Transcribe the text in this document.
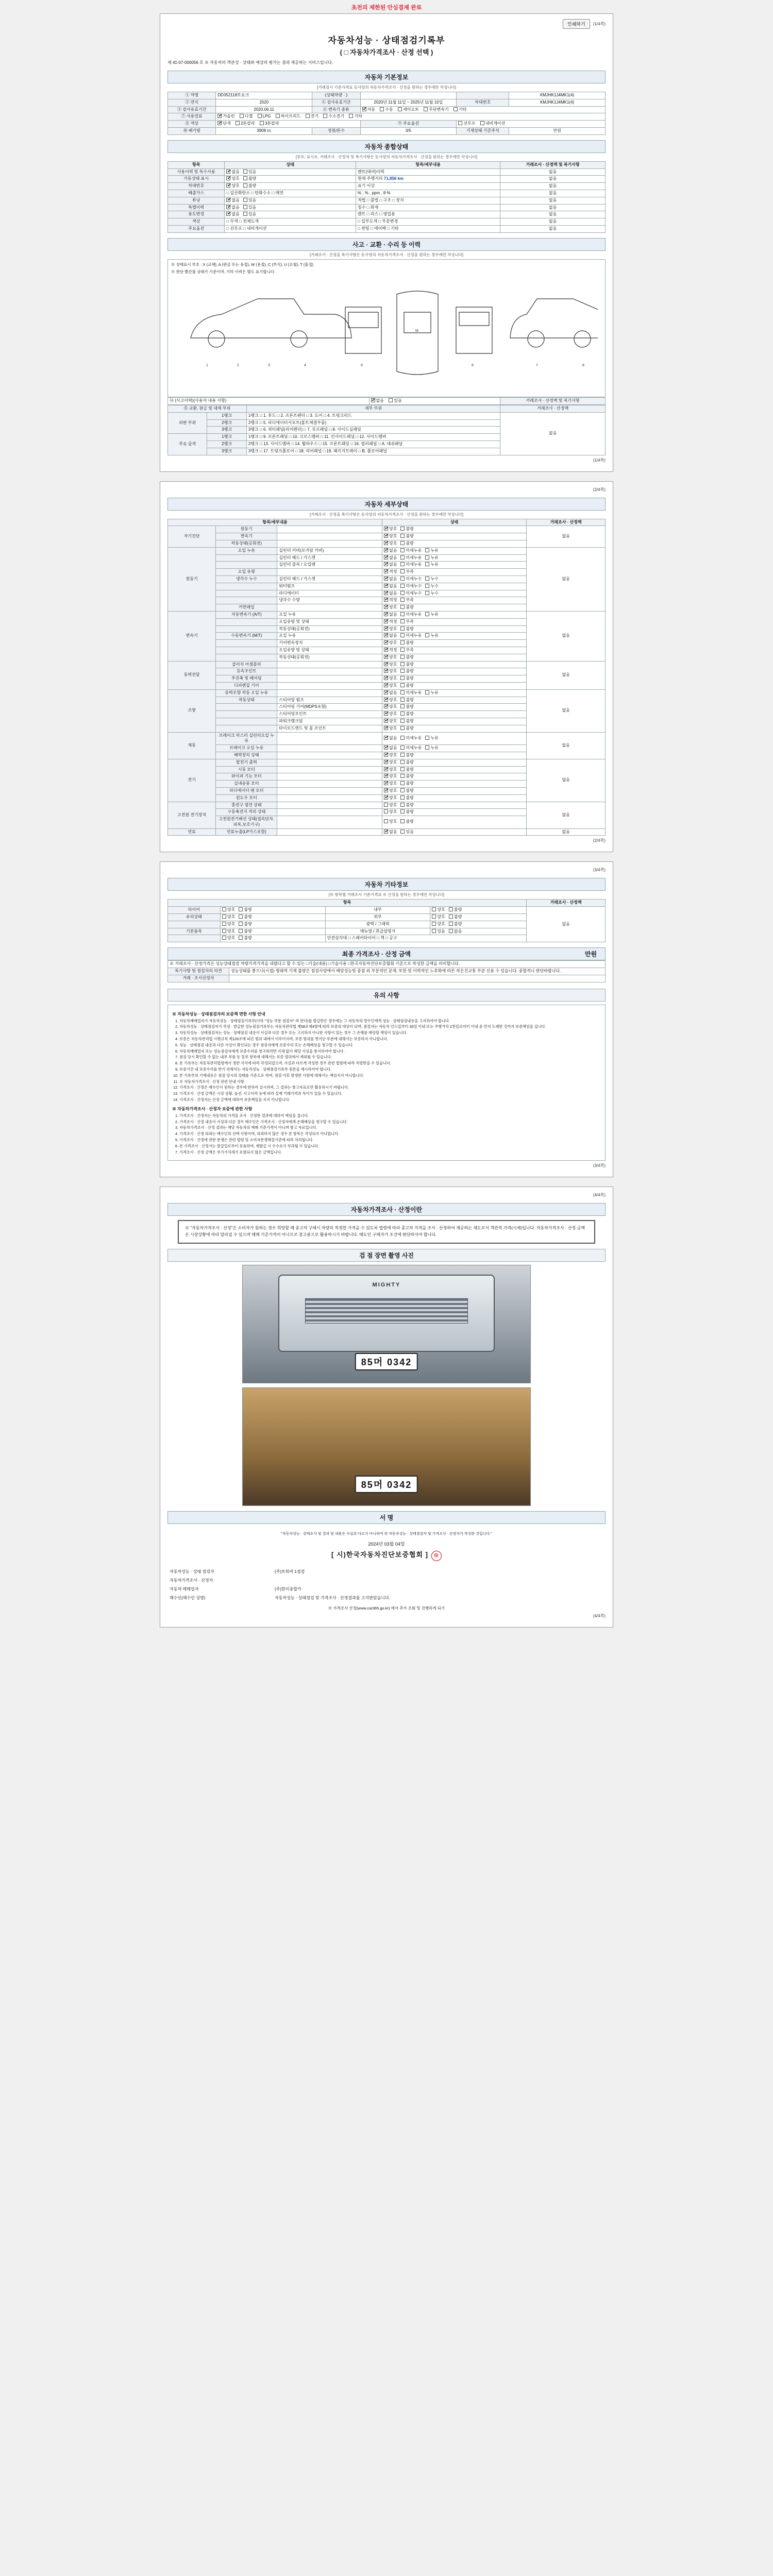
초전의 제한된 안심결제 완료
인쇄하기	(1/4쪽)
자동차성능 · 상태점검기록부
( □ 자동차가격조사 · 산정 선택 )
제 41-07-000056 호 ※ 자동차의 객관성 · 상태와 예상의 평가는 결과 제공하는 서비스입니다.
자동차 기본정보
[거래검사 기준가격표 등사양의 자동차가격조사 · 산정을 원하는 경우에만 작성니다]
① 차명	DD352118토요크	(상태차량 · )			KMJHK1J4MK1(4)
② 연식	2020	④ 검사유효기간	2020년 11월 11일 ~ 2025년 11월 10일	차대번호	KMJHK1J4MK1(4)
③ 검사유효기간	2020.06.11	⑥ 변속기 종류	✔자동 수동 세미오토 무단변속기 기타
⑦ 사용연료	✔가솔린 디젤 LPG 하이브리드 전기 수소전기 기타
⑧ 색상	✔단색 2톤칼라 3톤칼라		⑨ 주요옵션	선루프 내비게이션	
⑩ 배기량	3908 cc	정원/톤수	3/5	기재상태 기준주석	만원
자동차 종합상태
[부호, 표시로, 거래조사 · 산정적 및 복기사항은 동사양의 자동차가격조사 · 산정을 원하는 경우에만 작성니다]
항목	상태	항목/세부내용	거래조사 · 산정액 및 복기사항
사용이력 및 특수사용	✔없음 있음	렌트(대여)이력	없음
가동상태 표시	✔양호 불량	현재 주행거리 71,856 km	없음
차대번호	✔양호 불량	표기 이상	없음
배출가스	□ 일산화탄소 □ 탄화수소 □ 매연	% , % , ppm , 8 %	없음
튜닝	✔없음 있음	적법 □ 불법 □ 구조 □ 장치	없음
특별이력	✔없음 있음	침수 □ 화재	없음
용도변경	✔없음 있음	렌트 □ 리스 □ 영업용	없음
색상	□ 무색 □ 전체도색	□ 일부도색 □ 부분변경	없음
주요옵션	□ 선루프 □ 내비게이션	□ 썬팅 □ 에어백 □ 기타	없음
사고 · 교환 · 수리 등 이력
[거래조사 · 산정을 복기사항은 동사양의 자동차가격조사 · 산정을 원하는 경우에만 작성니다]
※ 상태표시 부호 : X (교체), A (판금 또는 용접), W (용접), C (부식), U (요철), T (흠집)
※ 판단 빨간불 상태가 기준이며, 기타 이력은 별도 표기합니다.
1	2	3	4	5
M
6	7	8
⑭ (사고이력)(사용자 내용 사항)	✔없음 있음	거래조사 · 산정액 및 복기사항
⑮ 교환, 판금 및 대체 부위		세부 부위	거래조사 · 산정액
외판 부위	1랭크	1랭크 □ 1. 후드 □ 2. 프론트펜더 □ 3. 도어 □ 4. 트렁크리드	없음
	2랭크	2랭크 □ 5. 라디에이터서포트(볼트체결부품)	
	3랭크	3랭크 □ 6. 쿼터패널(리어펜더) □ 7. 루프패널 □ 8. 사이드실패널	
주요 골격	1랭크	1랭크 □ 9. 프론트패널 □ 10. 크로스멤버 □ 11. 인사이드패널 □ 12. 사이드멤버	
	2랭크	2랭크 □ 13. 사이드멤버 □ 14. 휠하우스 □ 15. 프론트패널 □ 16. 필러패널 □ A. 대쉬패널	
	3랭크	3랭크 □ 17. 트렁크플로어 □ 18. 리어패널 □ 19. 패키지트레이 □ B. 플로어패널	
(1/4쪽)
(2/4쪽)
자동차 세부상태
[거래조사 · 산정을 복기사항은 동사양의 자동차가격조사 · 산정을 원하는 경우에만 작성니다]
항목/세부내용			상태	거래조사 · 산정액
자기진단	원동기		✔양호 불량	없음
	변속기		✔양호 불량
	작동상태(공회전)		✔양호 불량
원동기	오일 누유	실린더 커버(로커암 커버)	✔없음 미세누유 누유	없음
		실린더 헤드 / 가스켓	✔없음 미세누유 누유
		실린더 블록 / 오일팬	✔없음 미세누유 누유
	오일 유량		✔적정 부족
	냉각수 누수	실린더 헤드 / 가스켓	✔없음 미세누수 누수
		워터펌프	✔없음 미세누수 누수
		라디에이터	✔없음 미세누수 누수
		냉각수 수량	✔적정 부족
	커먼레일		✔양호 불량
변속기	자동변속기 (A/T)	오일 누유	✔없음 미세누유 누유	없음
		오일유량 및 상태	✔적정 부족
		작동상태(공회전)	✔양호 불량
	수동변속기 (M/T)	오일 누유	✔없음 미세누유 누유
		기어변속장치	✔양호 불량
		오일유량 및 상태	✔적정 부족
		작동상태(공회전)	✔양호 불량
동력전달	클러치 어셈블리		✔양호 불량	없음
	등속조인트		✔양호 불량
	추진축 및 베어링		✔양호 불량
	디퍼렌셜 기어		✔양호 불량
조향	동력조향 작동 오일 누유		✔없음 미세누유 누유	없음
	작동상태	스티어링 펌프	✔양호 불량
		스티어링 기어(MDPS포함)	✔양호 불량
		스티어링조인트	✔양호 불량
		파워크랭크암	✔양호 불량
		타이로드엔드 및 볼 조인트	✔양호 불량
제동	브레이크 마스터 실린더오일 누유		✔없음 미세누유 누유	없음
	브레이크 오일 누유		✔없음 미세누유 누유
	배력장치 상태		✔양호 불량
전기	발전기 출력		✔양호 불량	없음
	시동 모터		✔양호 불량
	와이퍼 기능 모터		✔양호 불량
	실내송풍 모터		✔양호 불량
	라디에이터 팬 모터		✔양호 불량
	윈도우 모터		✔양호 불량
고전원 전기장치	충전구 절연 상태		양호 불량	없음
	구동축전지 격리 상태		양호 불량	
	고전원전기배선 상태(접속단자,피복,보호기구)		양호 불량	
연료	연료누출(LP가스포함)		✔없음 있음	없음
(2/4쪽)
(3/4쪽)
자동차 기타정보
[※ 항목별 거래조사 기준가격표 ※ 산정을 원하는 경우에만 작성니다]
항목				거래조사 · 산정액
타이어	양호 불량	내부	양호 불량	없음
유리상태	양호 불량	외부	양호 불량	
	양호 불량	광택 / 그래픽	양호 불량	
기본품목	양호 불량	매뉴얼 / 취급설명서	있음 없음	
	양호 불량	안전삼각대 □ 스페어타이어 □ 잭 □ 공구		
최종 가격조사 · 산정 금액	만원
※ 거래조사 · 산정가격은 성능상태점검 차량가격가격을 내렸다고 할 수 있는 □기술(내용) □기술사용 □한국자동차진단보증협회 기준으로 작성한 금액을 의미합니다.	
특기사항 및 점검자의 의견	성능상태를 좋으나(시점) 형태적 기재 불량은 점검사양에서 해당성능및 중점 외 부분적인 문제, 또한 및 이력적인 노후화에 따른 작은건교통 부분 신용 수 있습니다. 종합적니 판단바랍니다.
거래 · 조사산정자	
유의 사항
※ 자동차성능 · 상태점검자의 보증책 면한 사항 안내
1. 자동차매매업자가 자동차성능 · 상태점검기록부(이하 "성능 부분 점검자" 라 한다)를 발급받은 경우에는 그 자동차의 양수인에게 성능 · 상태점검내용을 고지하여야 합니다.
2. 자동차성능 · 상태점검자가 작성 · 발급한 성능점검기록부는 자동차관리법 제58조제4항에 따라 보증의 대상이 되며, 점검자는 자동차 인도일부터 30일 이내 또는 주행거리 2천킬로미터 이내 중 먼저 도래한 것까지 보증책임을 집니다.
3. 자동차성능 · 상태점검자는 성능 · 상태점검 내용이 사실과 다른 경우 또는 고지하지 아니한 사항이 있는 경우 그 손해를 배상할 책임이 있습니다.
4. 보증은 자동차관리법 시행규칙 제120조에 따른 범위 내에서 이루어지며, 보증 범위를 벗어난 부분에 대해서는 보증하지 아니합니다.
5. 성능 · 상태점검 내용과 다른 사실이 확인되는 경우 점검자에게 보증수리 또는 손해배상을 청구할 수 있습니다.
6. 자동차매매업자 또는 성능점검자에게 보증수리를 청구하려면 지체 없이 해당 사실을 통지하여야 합니다.
7. 점검 당시 확인할 수 없는 내부 부품 등 일부 항목에 대해서는 보증 범위에서 제외될 수 있습니다.
8. 본 기록부는 자동차관리법령에서 정한 서식에 따라 작성되었으며, 사실과 다르게 작성한 경우 관련 법령에 따라 처벌받을 수 있습니다.
9. 보증기간 내 보증수리를 받기 위해서는 자동차성능 · 상태점검기록부 원본을 제시하여야 합니다.
10. 본 기록부의 기재내용은 점검 당시의 상태를 기준으로 하며, 점검 이후 발생한 사항에 대해서는 책임지지 아니합니다.
11. ※ 자동차가격조사 · 산정 관련 안내 사항
12. 가격조사 · 산정은 매수인이 원하는 경우에 한하여 실시하며, 그 결과는 참고자료로만 활용하시기 바랍니다.
13. 가격조사 · 산정 금액은 시장 상황, 옵션, 사고이력 등에 따라 실제 거래가격과 차이가 있을 수 있습니다.
14. 가격조사 · 산정자는 산정 금액에 대하여 보증책임을 지지 아니합니다.
※ 자동차가격조사 · 산정자 보증에 관한 사항
1. 가격조사 · 산정자는 자동차의 가격을 조사 · 산정한 결과에 대하여 책임을 집니다.
2. 가격조사 · 산정 내용이 사실과 다른 경우 매수인은 가격조사 · 산정자에게 손해배상을 청구할 수 있습니다.
3. 자동차가격조사 · 산정 결과는 해당 자동차의 매매 기준가격이 아니며 참고 자료입니다.
4. 가격조사 · 산정 의뢰는 매수인의 선택 사항이며, 의뢰하지 않은 경우 본 항목은 작성되지 아니합니다.
5. 가격조사 · 산정에 관한 분쟁은 관련 법령 및 소비자분쟁해결기준에 따라 처리됩니다.
6. 본 가격조사 · 산정서는 발급일로부터 유효하며, 재발급 시 수수료가 부과될 수 있습니다.
7. 가격조사 · 산정 금액은 부가가치세가 포함되지 않은 금액입니다.
(3/4쪽)
(4/4쪽)
자동차가격조사 · 산정이란
※ "자동차가격조사 · 산정"은 소비자가 원하는 경우 희망할 때 중고차 구매시 차량의 적정한 가격을 수 있도록 법령에 따라 중고차 가격을 조사 · 산정하여 제공하는 제도로서 객관적 가격(시세)입니다. 자동차가격조사 · 산정 금액은 시장상황에 따라 달라질 수 있으며 매매 기준가격이 아니므로 참고용으로 활용하시기 바랍니다. 매도인 구매자가 조건에 판단하셔야 합니다.
검 점 장면 촬영 사진
MIGHTY
85머 0342
85머 0342
서 명
"자동차성능 · 상태조사 및 결과 및 내용은 사실과 다르지 아니하며 위 자동차성능 · 상태점검자 및 가격조사 · 산정자가 작성한 것입니다."
2024년 03월 04일
[ 시)한국자동차진단보증협회 ] 印
자동차성능 · 상태 점검자	(주)토워비 1점검
자동차가격조사 · 산정자	
자동차 매매업자	(주)한미종합카
매수인(매수인 성명)	자동차성능 · 상태점검 및 가격조사 · 산정결과를 고지받았습니다.
※ 가격조사 산정(www.car365.go.kr) 에서 추가 조회 및 진행하게 되기
(4/4쪽)
